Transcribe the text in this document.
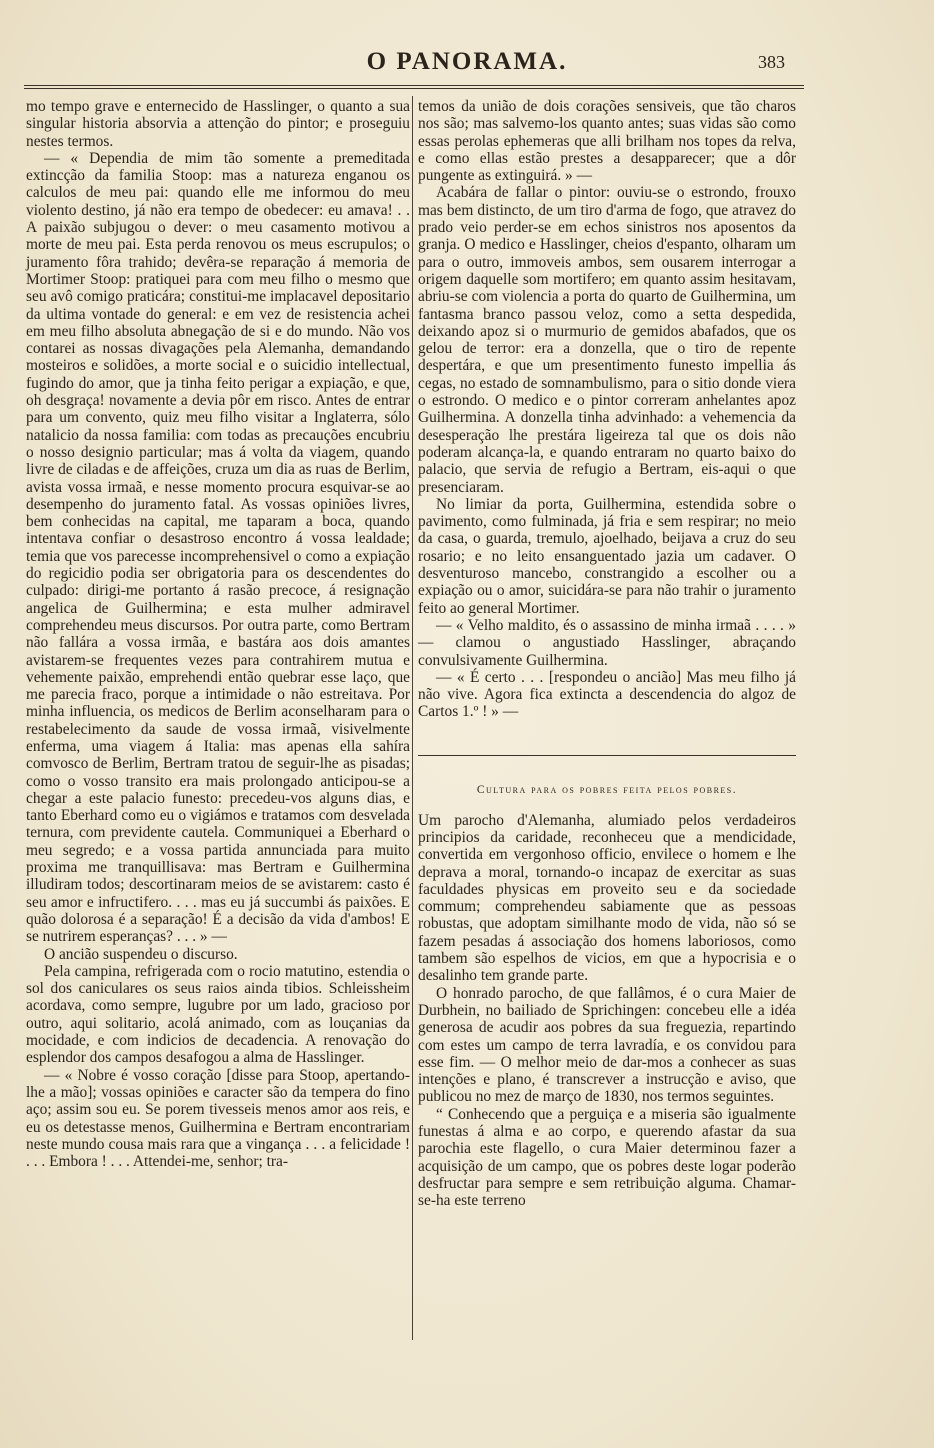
O PANORAMA.	383

mo tempo grave e enternecido de Hasslinger, o quanto a sua singular historia absorvia a attenção do pintor; e proseguiu nestes termos.

— « Dependia de mim tão somente a premeditada extincção da familia Stoop: mas a natureza enganou os calculos de meu pai: quando elle me informou do meu violento destino, já não era tempo de obedecer: eu amava! . . A paixão subjugou o dever: o meu casamento motivou a morte de meu pai. Esta perda renovou os meus escrupulos; o juramento fôra trahido; devêra-se reparação á memoria de Mortimer Stoop: pratiquei para com meu filho o mesmo que seu avô comigo praticára; constitui-me implacavel depositario da ultima vontade do general: e em vez de resistencia achei em meu filho absoluta abnegação de si e do mundo. Não vos contarei as nossas divagações pela Alemanha, demandando mosteiros e solidões, a morte social e o suicidio intellectual, fugindo do amor, que ja tinha feito perigar a expiação, e que, oh desgraça! novamente a devia pôr em risco. Antes de entrar para um convento, quiz meu filho visitar a Inglaterra, sólo natalicio da nossa familia: com todas as precauções encubriu o nosso designio particular; mas á volta da viagem, quando livre de ciladas e de affeições, cruza um dia as ruas de Berlim, avista vossa irmaã, e nesse momento procura esquivar-se ao desempenho do juramento fatal. As vossas opiniões livres, bem conhecidas na capital, me taparam a boca, quando intentava confiar o desastroso encontro á vossa lealdade; temia que vos parecesse incomprehensivel o como a expiação do regicidio podia ser obrigatoria para os descendentes do culpado: dirigi-me portanto á rasão precoce, á resignação angelica de Guilhermina; e esta mulher admiravel comprehendeu meus discursos. Por outra parte, como Bertram não fallára a vossa irmãa, e bastára aos dois amantes avistarem-se frequentes vezes para contrahirem mutua e vehemente paixão, emprehendi então quebrar esse laço, que me parecia fraco, porque a intimidade o não estreitava. Por minha influencia, os medicos de Berlim aconselharam para o restabelecimento da saude de vossa irmaã, visivelmente enferma, uma viagem á Italia: mas apenas ella sahíra comvosco de Berlim, Bertram tratou de seguir-lhe as pisadas; como o vosso transito era mais prolongado anticipou-se a chegar a este palacio funesto: precedeu-vos alguns dias, e tanto Eberhard como eu o vigiámos e tratamos com desvelada ternura, com previdente cautela. Communiquei a Eberhard o meu segredo; e a vossa partida annunciada para muito proxima me tranquillisava: mas Bertram e Guilhermina illudiram todos; descortinaram meios de se avistarem: casto é seu amor e infructifero. . . . mas eu já succumbi ás paixões. E quão dolorosa é a separação! É a decisão da vida d'ambos! E se nutrirem esperanças? . . . » —

O ancião suspendeu o discurso.

Pela campina, refrigerada com o rocio matutino, estendia o sol dos caniculares os seus raios ainda tibios. Schleissheim acordava, como sempre, lugubre por um lado, gracioso por outro, aqui solitario, acolá animado, com as louçanias da mocidade, e com indicios de decadencia. A renovação do esplendor dos campos desafogou a alma de Hasslinger.

— « Nobre é vosso coração [disse para Stoop, apertando-lhe a mão]; vossas opiniões e caracter são da tempera do fino aço; assim sou eu. Se porem tivesseis menos amor aos reis, e eu os detestasse menos, Guilhermina e Bertram encontrariam neste mundo cousa mais rara que a vingança . . . a felicidade ! . . . Embora ! . . . Attendei-me, senhor; tra-

temos da união de dois corações sensiveis, que tão charos nos são; mas salvemo-los quanto antes; suas vidas são como essas perolas ephemeras que alli brilham nos topes da relva, e como ellas estão prestes a desapparecer; que a dôr pungente as extinguirá. » —

Acabára de fallar o pintor: ouviu-se o estrondo, frouxo mas bem distincto, de um tiro d'arma de fogo, que atravez do prado veio perder-se em echos sinistros nos aposentos da granja. O medico e Hasslinger, cheios d'espanto, olharam um para o outro, immoveis ambos, sem ousarem interrogar a origem daquelle som mortifero; em quanto assim hesitavam, abriu-se com violencia a porta do quarto de Guilhermina, um fantasma branco passou veloz, como a setta despedida, deixando apoz si o murmurio de gemidos abafados, que os gelou de terror: era a donzella, que o tiro de repente despertára, e que um presentimento funesto impellia ás cegas, no estado de somnambulismo, para o sitio donde viera o estrondo. O medico e o pintor correram anhelantes apoz Guilhermina. A donzella tinha advinhado: a vehemencia da desesperação lhe prestára ligeireza tal que os dois não poderam alcança-la, e quando entraram no quarto baixo do palacio, que servia de refugio a Bertram, eis-aqui o que presenciaram.

No limiar da porta, Guilhermina, estendida sobre o pavimento, como fulminada, já fria e sem respirar; no meio da casa, o guarda, tremulo, ajoelhado, beijava a cruz do seu rosario; e no leito ensanguentado jazia um cadaver. O desventuroso mancebo, constrangido a escolher ou a expiação ou o amor, suicidára-se para não trahir o juramento feito ao general Mortimer.

— « Velho maldito, és o assassino de minha irmaã . . . . » — clamou o angustiado Hasslinger, abraçando convulsivamente Guilhermina.

— « É certo . . . [respondeu o ancião] Mas meu filho já não vive. Agora fica extincta a descendencia do algoz de Cartos 1.º ! » —

Cultura para os pobres feita pelos pobres.

Um parocho d'Alemanha, alumiado pelos verdadeiros principios da caridade, reconheceu que a mendicidade, convertida em vergonhoso officio, envilece o homem e lhe deprava a moral, tornando-o incapaz de exercitar as suas faculdades physicas em proveito seu e da sociedade commum; comprehendeu sabiamente que as pessoas robustas, que adoptam similhante modo de vida, não só se fazem pesadas á associação dos homens laboriosos, como tambem são espelhos de vicios, em que a hypocrisia e o desalinho tem grande parte.

O honrado parocho, de que fallâmos, é o cura Maier de Durbhein, no bailiado de Sprichingen: concebeu elle a idéa generosa de acudir aos pobres da sua freguezia, repartindo com estes um campo de terra lavradía, e os convidou para esse fim. — O melhor meio de dar-mos a conhecer as suas intenções e plano, é transcrever a instrucção e aviso, que publicou no mez de março de 1830, nos termos seguintes.

“ Conhecendo que a perguiça e a miseria são igualmente funestas á alma e ao corpo, e querendo afastar da sua parochia este flagello, o cura Maier determinou fazer a acquisição de um campo, que os pobres deste logar poderão desfructar para sempre e sem retribuição alguma. Chamar-se-ha este terreno
